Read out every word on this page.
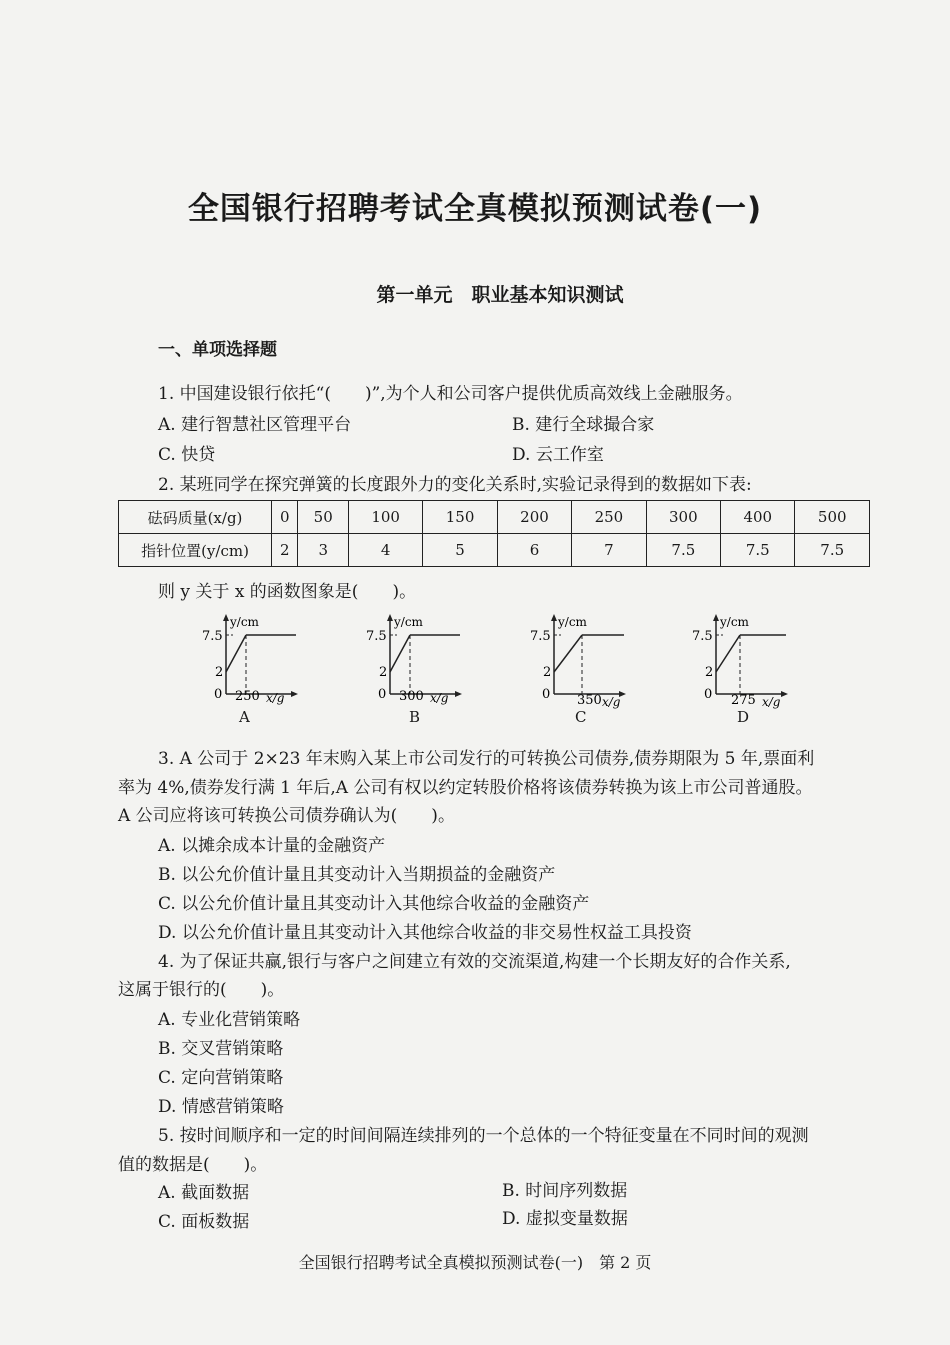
全国银行招聘考试全真模拟预测试卷(一)
第一单元　职业基本知识测试
一、单项选择题
1. 中国建设银行依托“(　　)”,为个人和公司客户提供优质高效线上金融服务。
A. 建行智慧社区管理平台	B. 建行全球撮合家
C. 快贷	D. 云工作室
2. 某班同学在探究弹簧的长度跟外力的变化关系时,实验记录得到的数据如下表:
砝码质量(x/g)	0	50	100	150	200	250	300	400	500
指针位置(y/cm)	2	3	4	5	6	7	7.5	7.5	7.5
则 y 关于 x 的函数图象是(　　)。
y/cm
7.5
2
0 250 x/g
A
y/cm
7.5
2
0 300 x/g
B
y/cm
7.5
2
0 350 x/g
C
y/cm
7.5
2
0 275 x/g
D
3. A 公司于 2×23 年末购入某上市公司发行的可转换公司债券,债券期限为 5 年,票面利
率为 4%,债券发行满 1 年后,A 公司有权以约定转股价格将该债券转换为该上市公司普通股。
A 公司应将该可转换公司债券确认为(　　)。
A. 以摊余成本计量的金融资产
B. 以公允价值计量且其变动计入当期损益的金融资产
C. 以公允价值计量且其变动计入其他综合收益的金融资产
D. 以公允价值计量且其变动计入其他综合收益的非交易性权益工具投资
4. 为了保证共赢,银行与客户之间建立有效的交流渠道,构建一个长期友好的合作关系,
这属于银行的(　　)。
A. 专业化营销策略
B. 交叉营销策略
C. 定向营销策略
D. 情感营销策略
5. 按时间顺序和一定的时间间隔连续排列的一个总体的一个特征变量在不同时间的观测
值的数据是(　　)。
A. 截面数据	B. 时间序列数据
C. 面板数据	D. 虚拟变量数据
全国银行招聘考试全真模拟预测试卷(一)　第 2 页
